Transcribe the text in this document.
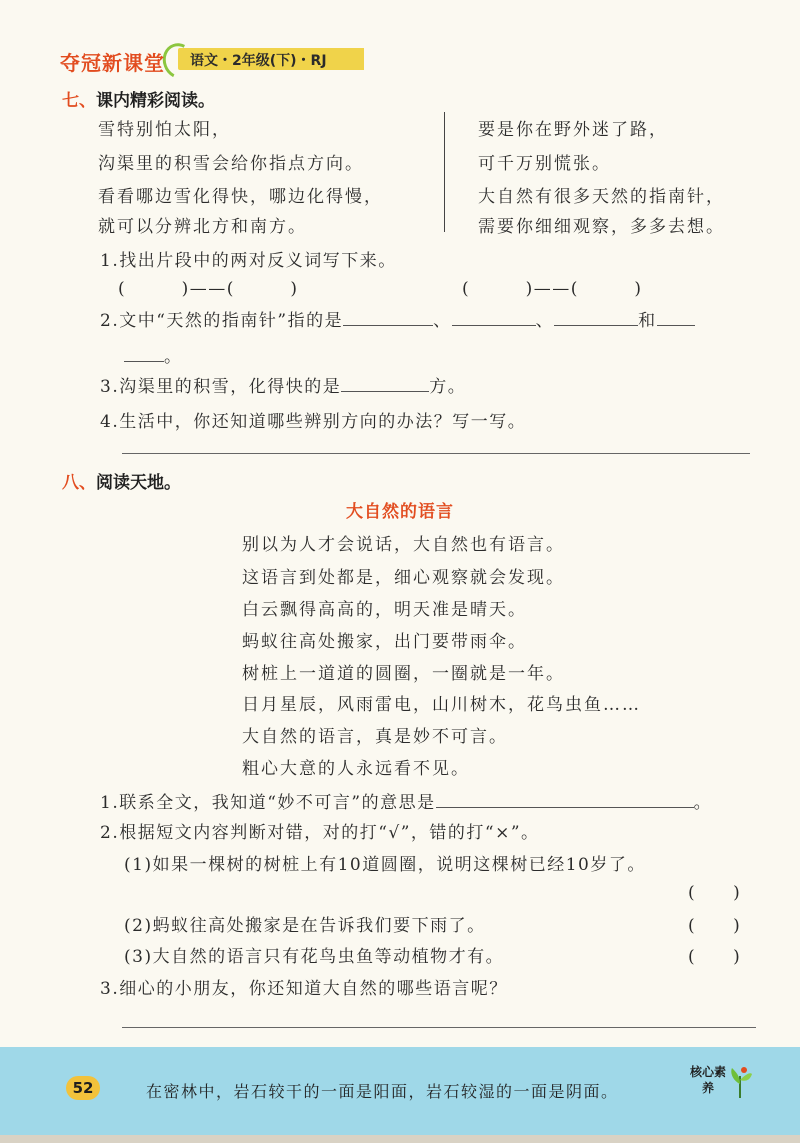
夺冠新课堂 语文・2年级(下)・RJ
七、课内精彩阅读。
雪特别怕太阳，
沟渠里的积雪会给你指点方向。
看看哪边雪化得快，哪边化得慢，
就可以分辨北方和南方。
要是你在野外迷了路，
可千万别慌张。
大自然有很多天然的指南针，
需要你细细观察，多多去想。
1.找出片段中的两对反义词写下来。
(　　　)——(　　　)	(　　　)——(　　　)
2.文中“天然的指南针”指的是	、	、	和
。
3.沟渠里的积雪，化得快的是	方。
4.生活中，你还知道哪些辨别方向的办法？写一写。
八、阅读天地。
大自然的语言
别以为人才会说话，大自然也有语言。
这语言到处都是，细心观察就会发现。
白云飘得高高的，明天准是晴天。
蚂蚁往高处搬家，出门要带雨伞。
树桩上一道道的圆圈，一圈就是一年。
日月星辰，风雨雷电，山川树木，花鸟虫鱼……
大自然的语言，真是妙不可言。
粗心大意的人永远看不见。
1.联系全文，我知道“妙不可言”的意思是	。
2.根据短文内容判断对错，对的打“√”，错的打“×”。
(1)如果一棵树的树桩上有10道圆圈，说明这棵树已经10岁了。
(　　)
(2)蚂蚁往高处搬家是在告诉我们要下雨了。	(　　)
(3)大自然的语言只有花鸟虫鱼等动植物才有。	(　　)
3.细心的小朋友，你还知道大自然的哪些语言呢？
52	在密林中，岩石较干的一面是阳面，岩石较湿的一面是阴面。
核心素养
